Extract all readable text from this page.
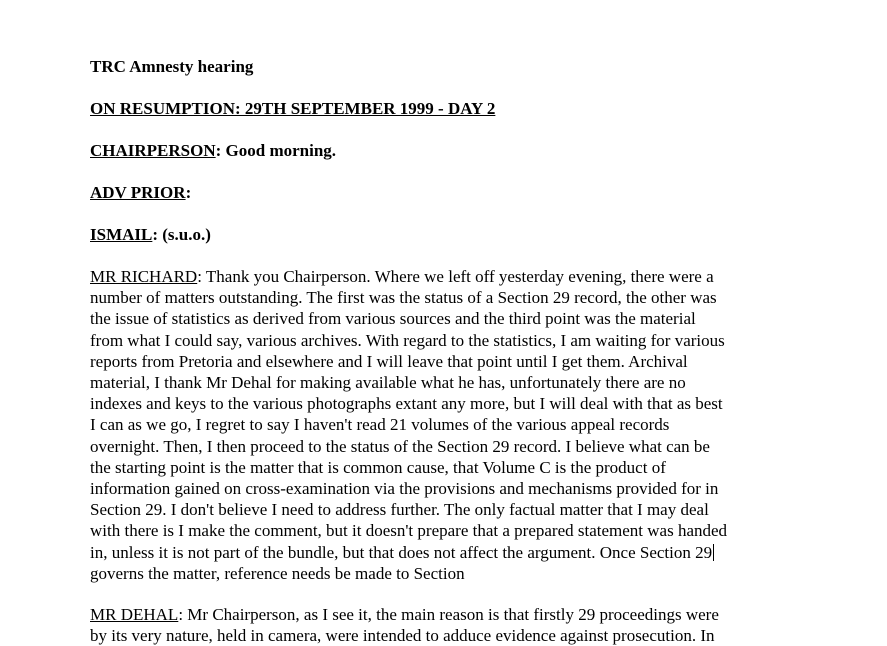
TRC Amnesty hearing

ON RESUMPTION: 29TH SEPTEMBER 1999 - DAY 2

CHAIRPERSON: Good morning.

ADV PRIOR:

ISMAIL: (s.u.o.)

MR RICHARD: Thank you Chairperson. Where we left off yesterday evening, there were a
number of matters outstanding. The first was the status of a Section 29 record, the other was
the issue of statistics as derived from various sources and the third point was the material
from what I could say, various archives. With regard to the statistics, I am waiting for various
reports from Pretoria and elsewhere and I will leave that point until I get them. Archival
material, I thank Mr Dehal for making available what he has, unfortunately there are no
indexes and keys to the various photographs extant any more, but I will deal with that as best
I can as we go, I regret to say I haven't read 21 volumes of the various appeal records
overnight. Then, I then proceed to the status of the Section 29 record. I believe what can be
the starting point is the matter that is common cause, that Volume C is the product of
information gained on cross-examination via the provisions and mechanisms provided for in
Section 29. I don't believe I need to address further. The only factual matter that I may deal
with there is I make the comment, but it doesn't prepare that a prepared statement was handed
in, unless it is not part of the bundle, but that does not affect the argument. Once Section 29
governs the matter, reference needs be made to Section

MR DEHAL: Mr Chairperson, as I see it, the main reason is that firstly 29 proceedings were
by its very nature, held in camera, were intended to adduce evidence against prosecution. In
